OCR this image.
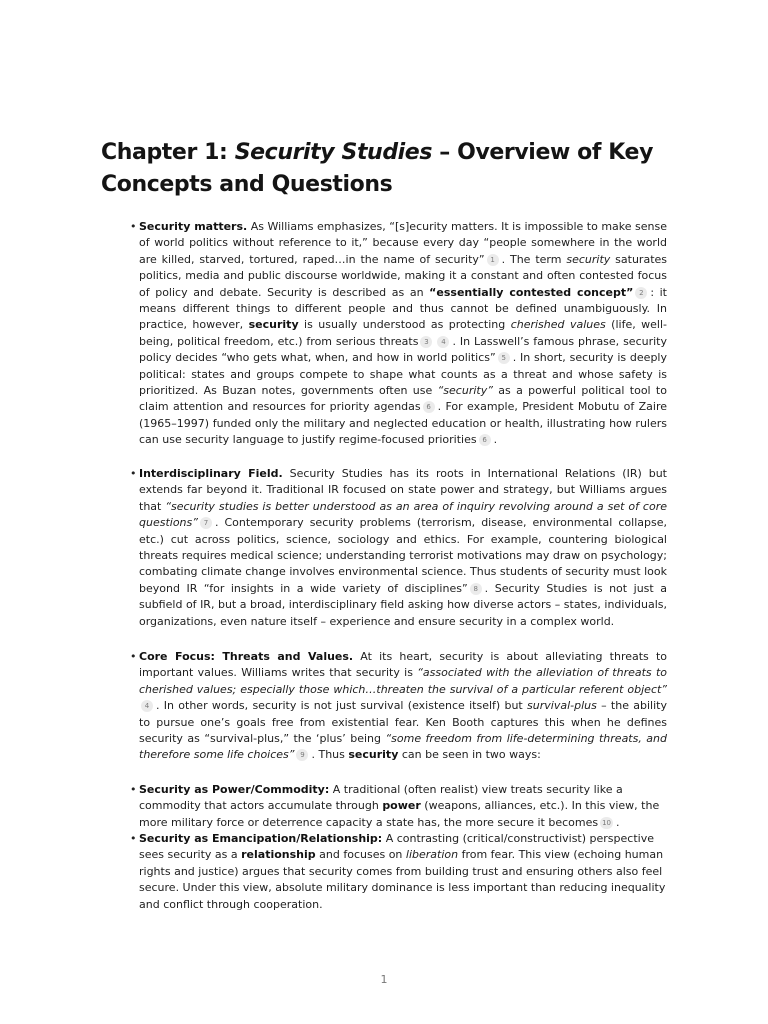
Chapter 1: Security Studies – Overview of Key Concepts and Questions
• Security matters. As Williams emphasizes, “[s]ecurity matters. It is impossible to make sense of world politics without reference to it,” because every day “people somewhere in the world are killed, starved, tortured, raped…in the name of security” 1 . The term security saturates politics, media and public discourse worldwide, making it a constant and often contested focus of policy and debate. Security is described as an “essentially contested concept” 2 : it means different things to different people and thus cannot be defined unambiguously. In practice, however, security is usually understood as protecting cherished values (life, well-being, political freedom, etc.) from serious threats 3 4 . In Lasswell’s famous phrase, security policy decides “who gets what, when, and how in world politics” 5 . In short, security is deeply political: states and groups compete to shape what counts as a threat and whose safety is prioritized. As Buzan notes, governments often use “security” as a powerful political tool to claim attention and resources for priority agendas 6 . For example, President Mobutu of Zaire (1965–1997) funded only the military and neglected education or health, illustrating how rulers can use security language to justify regime-focused priorities 6 .
• Interdisciplinary Field. Security Studies has its roots in International Relations (IR) but extends far beyond it. Traditional IR focused on state power and strategy, but Williams argues that “security studies is better understood as an area of inquiry revolving around a set of core questions” 7 . Contemporary security problems (terrorism, disease, environmental collapse, etc.) cut across politics, science, sociology and ethics. For example, countering biological threats requires medical science; understanding terrorist motivations may draw on psychology; combating climate change involves environmental science. Thus students of security must look beyond IR “for insights in a wide variety of disciplines” 8 . Security Studies is not just a subfield of IR, but a broad, interdisciplinary field asking how diverse actors – states, individuals, organizations, even nature itself – experience and ensure security in a complex world.
• Core Focus: Threats and Values. At its heart, security is about alleviating threats to important values. Williams writes that security is “associated with the alleviation of threats to cherished values; especially those which…threaten the survival of a particular referent object”4 . In other words, security is not just survival (existence itself) but survival-plus – the ability to pursue one’s goals free from existential fear. Ken Booth captures this when he defines security as “survival-plus,” the ‘plus’ being “some freedom from life-determining threats, and therefore some life choices” 9 . Thus security can be seen in two ways:
• Security as Power/Commodity: A traditional (often realist) view treats security like a commodity that actors accumulate through power (weapons, alliances, etc.). In this view, the more military force or deterrence capacity a state has, the more secure it becomes 10 .
• Security as Emancipation/Relationship: A contrasting (critical/constructivist) perspective sees security as a relationship and focuses on liberation from fear. This view (echoing human rights and justice) argues that security comes from building trust and ensuring others also feel secure. Under this view, absolute military dominance is less important than reducing inequality and conflict through cooperation.
1
